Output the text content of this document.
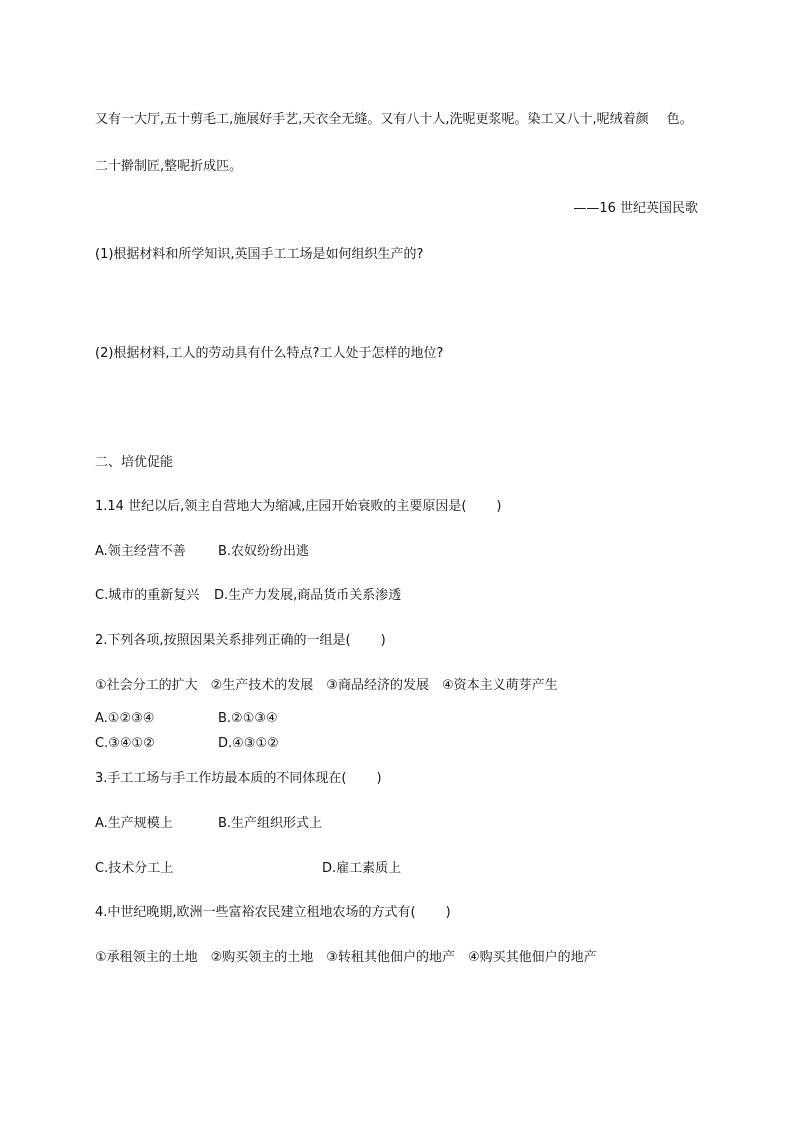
又有一大厅,五十剪毛工,施展好手艺,天衣全无缝。又有八十人,洗呢更浆呢。染工又八十,呢绒着颜 色。
二十擀制匠,整呢折成匹。
——16 世纪英国民歌
(1)根据材料和所学知识,英国手工工场是如何组织生产的?
(2)根据材料,工人的劳动具有什么特点?工人处于怎样的地位?
二、培优促能
1.14 世纪以后,领主自营地大为缩减,庄园开始衰败的主要原因是( )
A.领主经营不善 B.农奴纷纷出逃
C.城市的重新复兴 D.生产力发展,商品货币关系渗透
2.下列各项,按照因果关系排列正确的一组是( )
①社会分工的扩大　②生产技术的发展　③商品经济的发展　④资本主义萌芽产生
A.①②③④	B.②①③④
C.③④①②	D.④③①②
3.手工工场与手工作坊最本质的不同体现在( )
A.生产规模上	B.生产组织形式上
C.技术分工上	D.雇工素质上
4.中世纪晚期,欧洲一些富裕农民建立租地农场的方式有( )
①承租领主的土地　②购买领主的土地　③转租其他佃户的地产　④购买其他佃户的地产
